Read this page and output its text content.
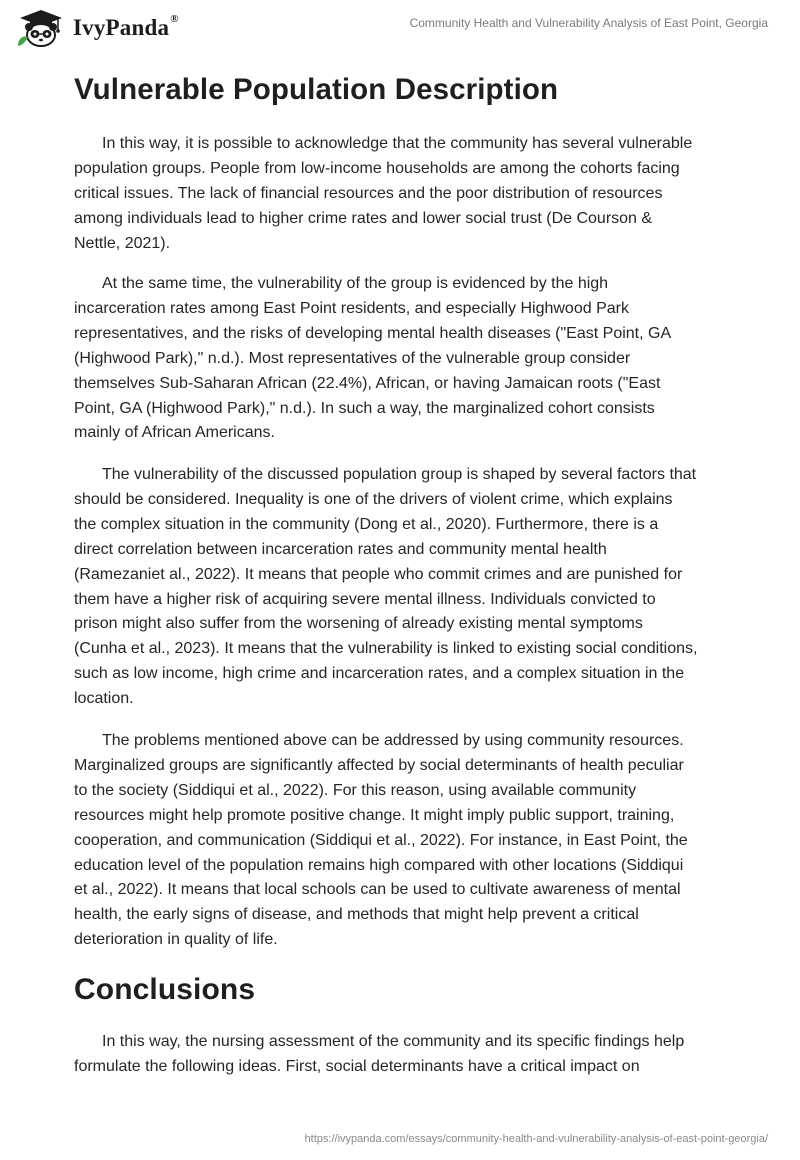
IvyPanda®	Community Health and Vulnerability Analysis of East Point, Georgia
Vulnerable Population Description
In this way, it is possible to acknowledge that the community has several vulnerable
population groups. People from low-income households are among the cohorts facing
critical issues. The lack of financial resources and the poor distribution of resources
among individuals lead to higher crime rates and lower social trust (De Courson &
Nettle, 2021).
At the same time, the vulnerability of the group is evidenced by the high
incarceration rates among East Point residents, and especially Highwood Park
representatives, and the risks of developing mental health diseases ("East Point, GA
(Highwood Park)," n.d.). Most representatives of the vulnerable group consider
themselves Sub-Saharan African (22.4%), African, or having Jamaican roots ("East
Point, GA (Highwood Park)," n.d.). In such a way, the marginalized cohort consists
mainly of African Americans.
The vulnerability of the discussed population group is shaped by several factors that
should be considered. Inequality is one of the drivers of violent crime, which explains
the complex situation in the community (Dong et al., 2020). Furthermore, there is a
direct correlation between incarceration rates and community mental health
(Ramezaniet al., 2022). It means that people who commit crimes and are punished for
them have a higher risk of acquiring severe mental illness. Individuals convicted to
prison might also suffer from the worsening of already existing mental symptoms
(Cunha et al., 2023). It means that the vulnerability is linked to existing social conditions,
such as low income, high crime and incarceration rates, and a complex situation in the
location.
The problems mentioned above can be addressed by using community resources.
Marginalized groups are significantly affected by social determinants of health peculiar
to the society (Siddiqui et al., 2022). For this reason, using available community
resources might help promote positive change. It might imply public support, training,
cooperation, and communication (Siddiqui et al., 2022). For instance, in East Point, the
education level of the population remains high compared with other locations (Siddiqui
et al., 2022). It means that local schools can be used to cultivate awareness of mental
health, the early signs of disease, and methods that might help prevent a critical
deterioration in quality of life.
Conclusions
In this way, the nursing assessment of the community and its specific findings help
formulate the following ideas. First, social determinants have a critical impact on
https://ivypanda.com/essays/community-health-and-vulnerability-analysis-of-east-point-georgia/
